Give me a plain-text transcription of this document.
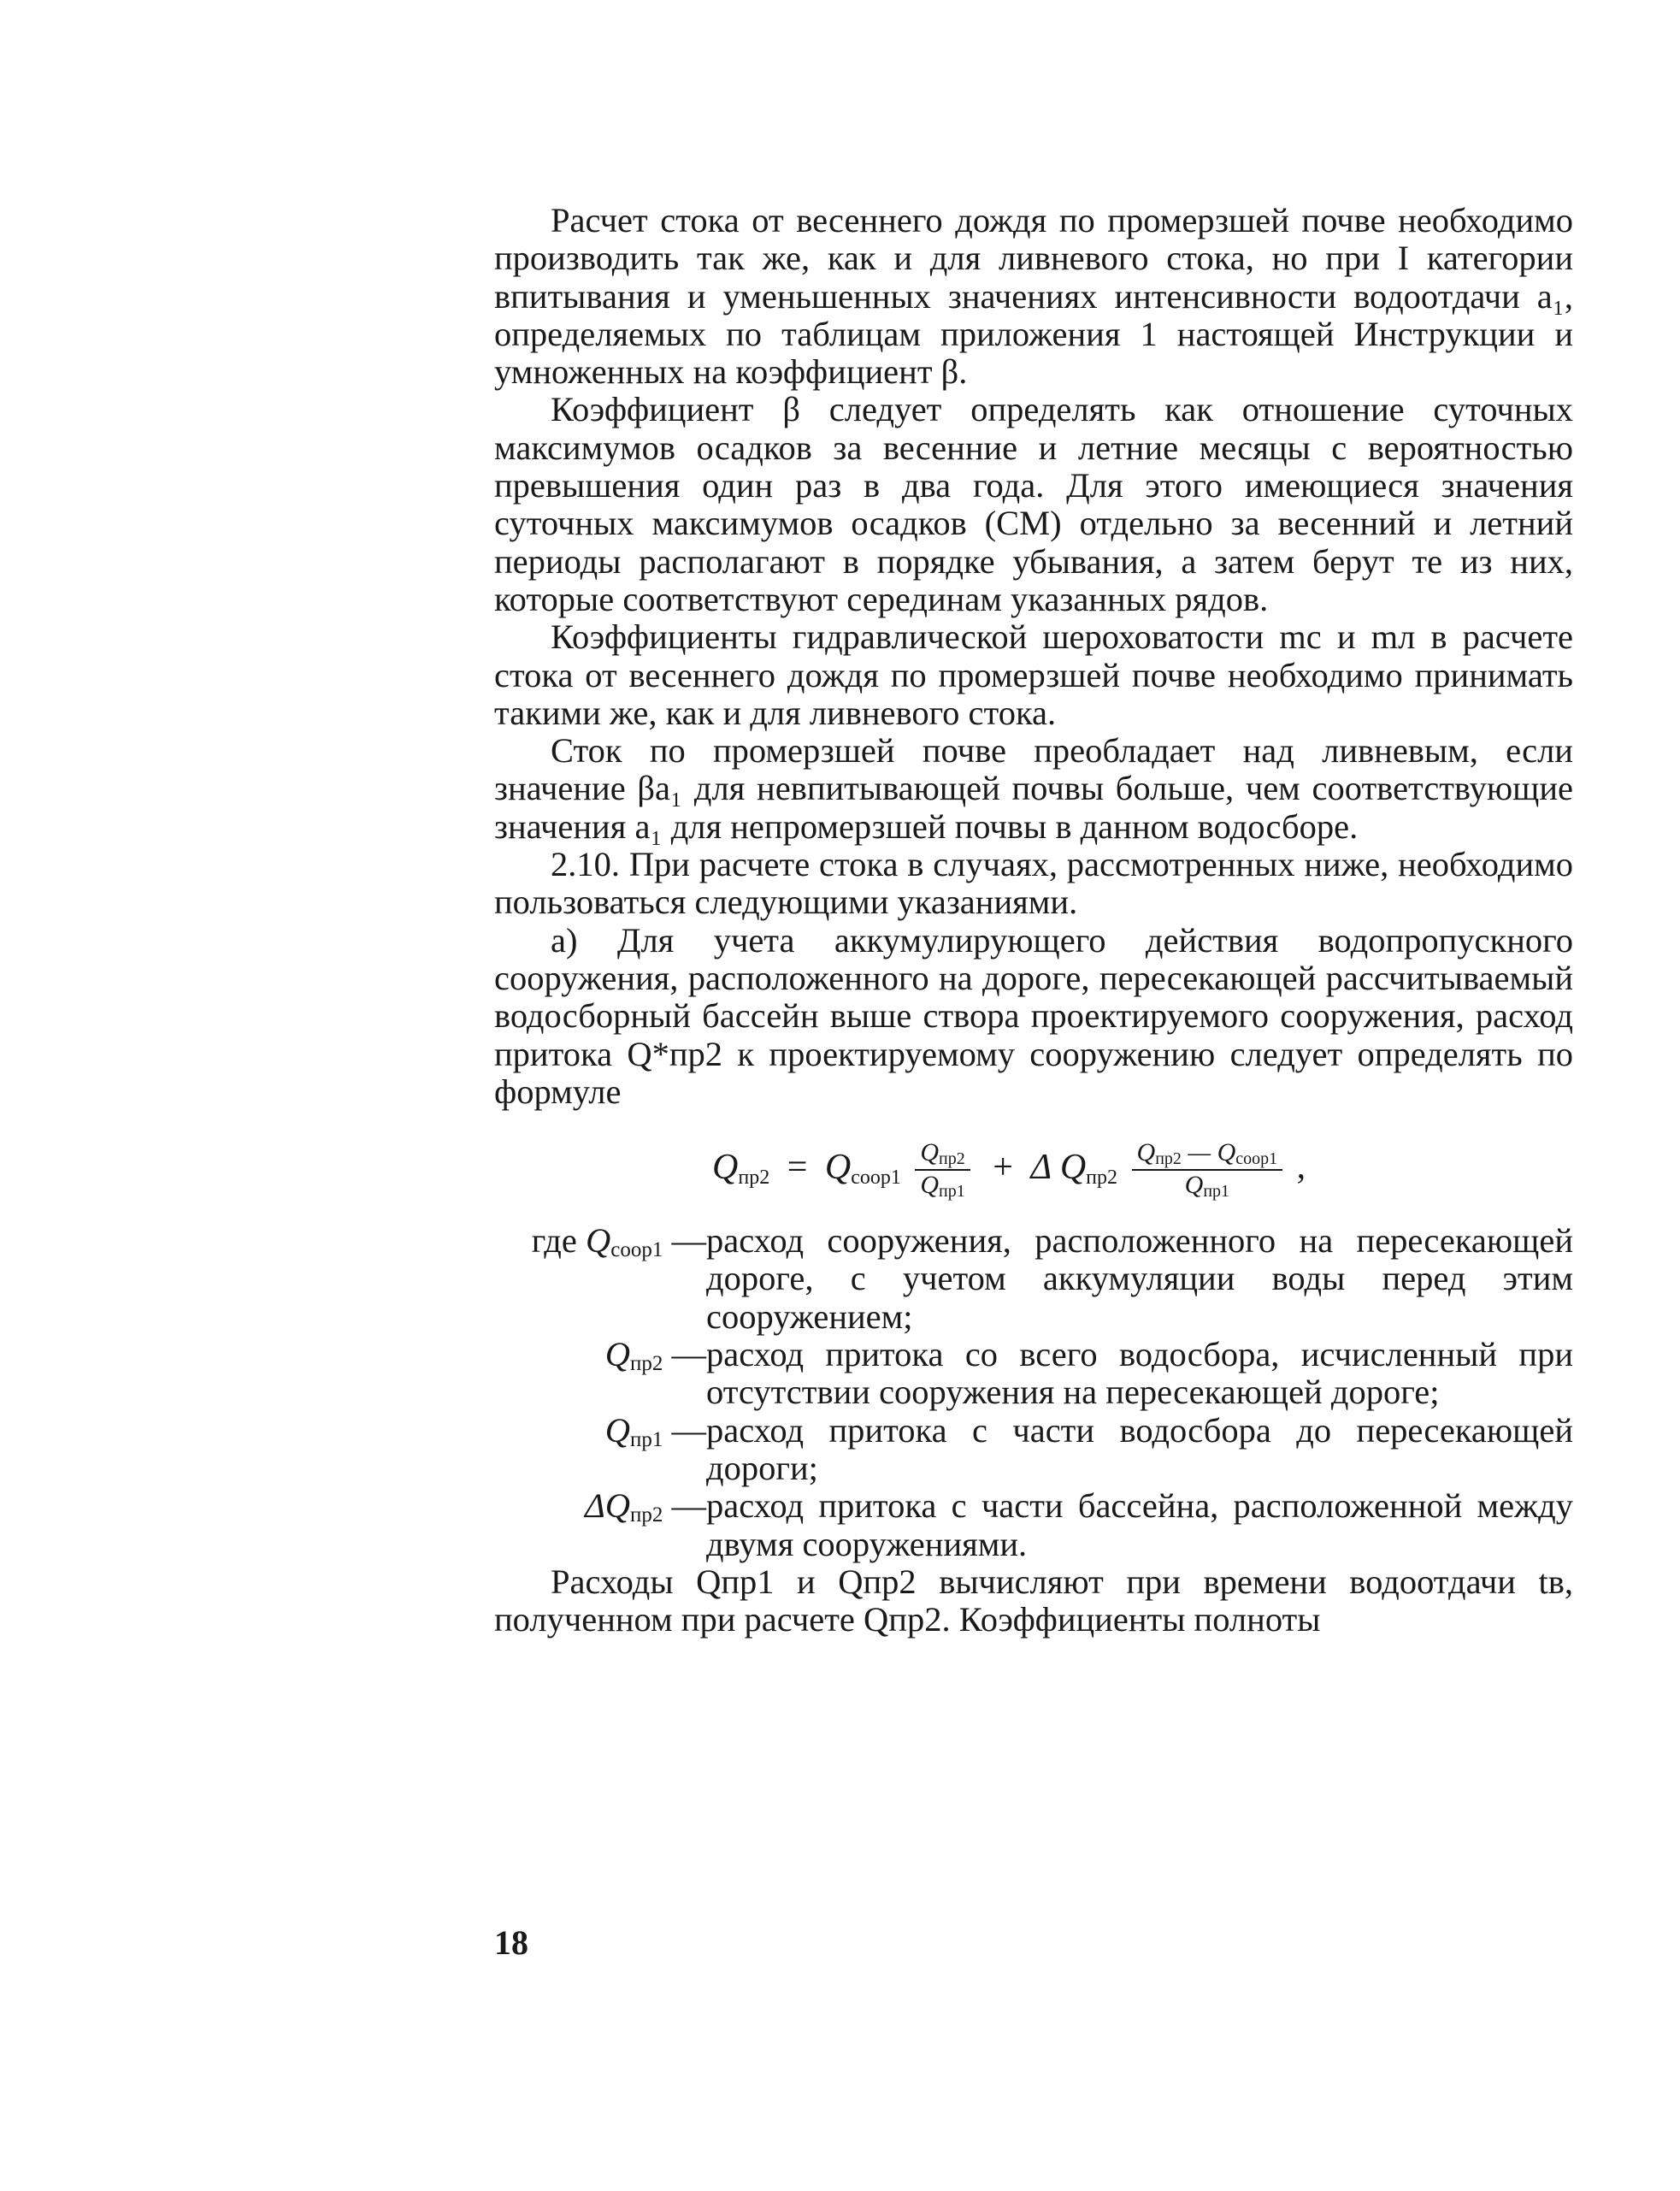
Расчет стока от весеннего дождя по промерзшей почве необходимо производить так же, как и для ливневого стока, но при I категории впитывания и уменьшенных значениях интенсивности водоотдачи a₁, определяемых по таблицам приложения 1 настоящей Инструкции и умноженных на коэффициент β.

Коэффициент β следует определять как отношение суточных максимумов осадков за весенние и летние месяцы с вероятностью превышения один раз в два года. Для этого имеющиеся значения суточных максимумов осадков (СМ) отдельно за весенний и летний периоды располагают в порядке убывания, а затем берут те из них, которые соответствуют серединам указанных рядов.

Коэффициенты гидравлической шероховатости mс и mл в расчете стока от весеннего дождя по промерзшей почве необходимо принимать такими же, как и для ливневого стока.

Сток по промерзшей почве преобладает над ливневым, если значение βa₁ для невпитывающей почвы больше, чем соответствующие значения a₁ для непромерзшей почвы в данном водосборе.

2.10. При расчете стока в случаях, рассмотренных ниже, необходимо пользоваться следующими указаниями.

а) Для учета аккумулирующего действия водопропускного сооружения, расположенного на дороге, пересекающей рассчитываемый водосборный бассейн выше створа проектируемого сооружения, расход притока Q*пр2 к проектируемому сооружению следует определять по формуле

$Q_{пр2} = Q_{соор1} \frac{Q_{пр2}}{Q_{пр1}} + \Delta$ $Q_{пр2} \frac{Q_{пр2} — Q_{соор1}}{Q_{пр1}}$ ,
где $Q_{соор1}$ — расход сооружения, расположенного на пересекающей дороге, с учетом аккумуляции воды перед этим сооружением;
$Q_{пр2}$ — расход притока со всего водосбора, исчисленный при отсутствии сооружения на пересекающей дороге;
$Q_{пр1}$ — расход притока с части водосбора до пересекающей дороги;
$\Delta Q_{пр2}$ — расход притока с части бассейна, расположенной между двумя сооружениями.

Расходы Qпр1 и Qпр2 вычисляют при времени водоотдачи tв, полученном при расчете Qпр2. Коэффициенты полноты

18
